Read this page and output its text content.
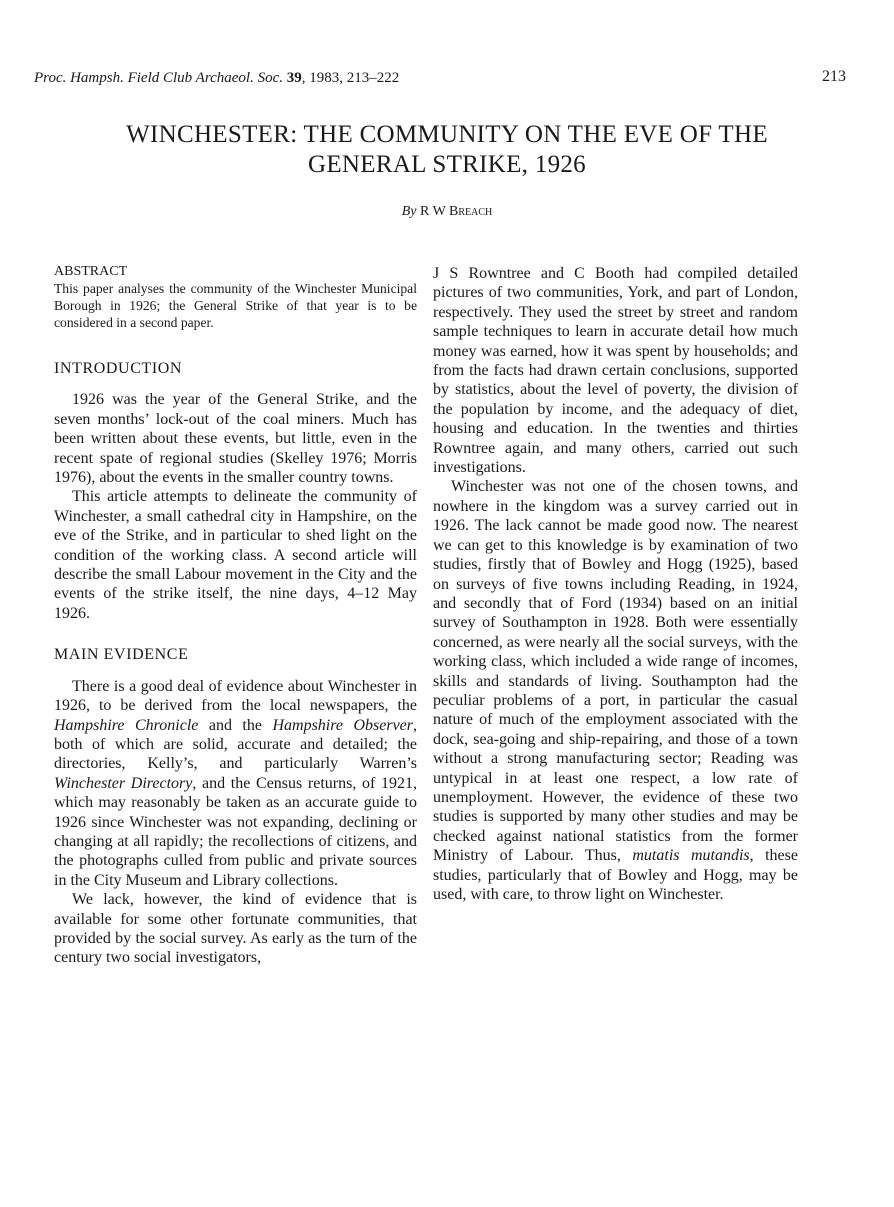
Proc. Hampsh. Field Club Archaeol. Soc. 39, 1983, 213–222	213
WINCHESTER: THE COMMUNITY ON THE EVE OF THE
GENERAL STRIKE, 1926
By R W Breach
ABSTRACT

This paper analyses the community of the Winchester Municipal Borough in 1926; the General Strike of that year is to be considered in a second paper.

INTRODUCTION

1926 was the year of the General Strike, and the seven months’ lock-out of the coal miners. Much has been written about these events, but little, even in the recent spate of regional studies (Skelley 1976; Morris 1976), about the events in the smaller country towns.

This article attempts to delineate the community of Winchester, a small cathedral city in Hampshire, on the eve of the Strike, and in particular to shed light on the condition of the working class. A second article will describe the small Labour movement in the City and the events of the strike itself, the nine days, 4–12 May 1926.

MAIN EVIDENCE

There is a good deal of evidence about Winchester in 1926, to be derived from the local newspapers, the Hampshire Chronicle and the Hampshire Observer, both of which are solid, accurate and detailed; the directories, Kelly’s, and particularly Warren’s Winchester Directory, and the Census returns, of 1921, which may reasonably be taken as an accurate guide to 1926 since Winchester was not expanding, declining or changing at all rapidly; the recollections of citizens, and the photographs culled from public and private sources in the City Museum and Library collections.

We lack, however, the kind of evidence that is available for some other fortunate communities, that provided by the social survey. As early as the turn of the century two social investigators,

J S Rowntree and C Booth had compiled detailed pictures of two communities, York, and part of London, respectively. They used the street by street and random sample techniques to learn in accurate detail how much money was earned, how it was spent by households; and from the facts had drawn certain conclusions, supported by statistics, about the level of poverty, the division of the population by income, and the adequacy of diet, housing and education. In the twenties and thirties Rowntree again, and many others, carried out such investigations.

Winchester was not one of the chosen towns, and nowhere in the kingdom was a survey carried out in 1926. The lack cannot be made good now. The nearest we can get to this knowledge is by examination of two studies, firstly that of Bowley and Hogg (1925), based on surveys of five towns including Reading, in 1924, and secondly that of Ford (1934) based on an initial survey of Southampton in 1928. Both were essentially concerned, as were nearly all the social surveys, with the working class, which included a wide range of incomes, skills and standards of living. Southampton had the peculiar problems of a port, in particular the casual nature of much of the employment associated with the dock, sea-going and ship-repairing, and those of a town without a strong manufacturing sector; Reading was untypical in at least one respect, a low rate of unemployment. However, the evidence of these two studies is supported by many other studies and may be checked against national statistics from the former Ministry of Labour. Thus, mutatis mutandis, these studies, particularly that of Bowley and Hogg, may be used, with care, to throw light on Winchester.
